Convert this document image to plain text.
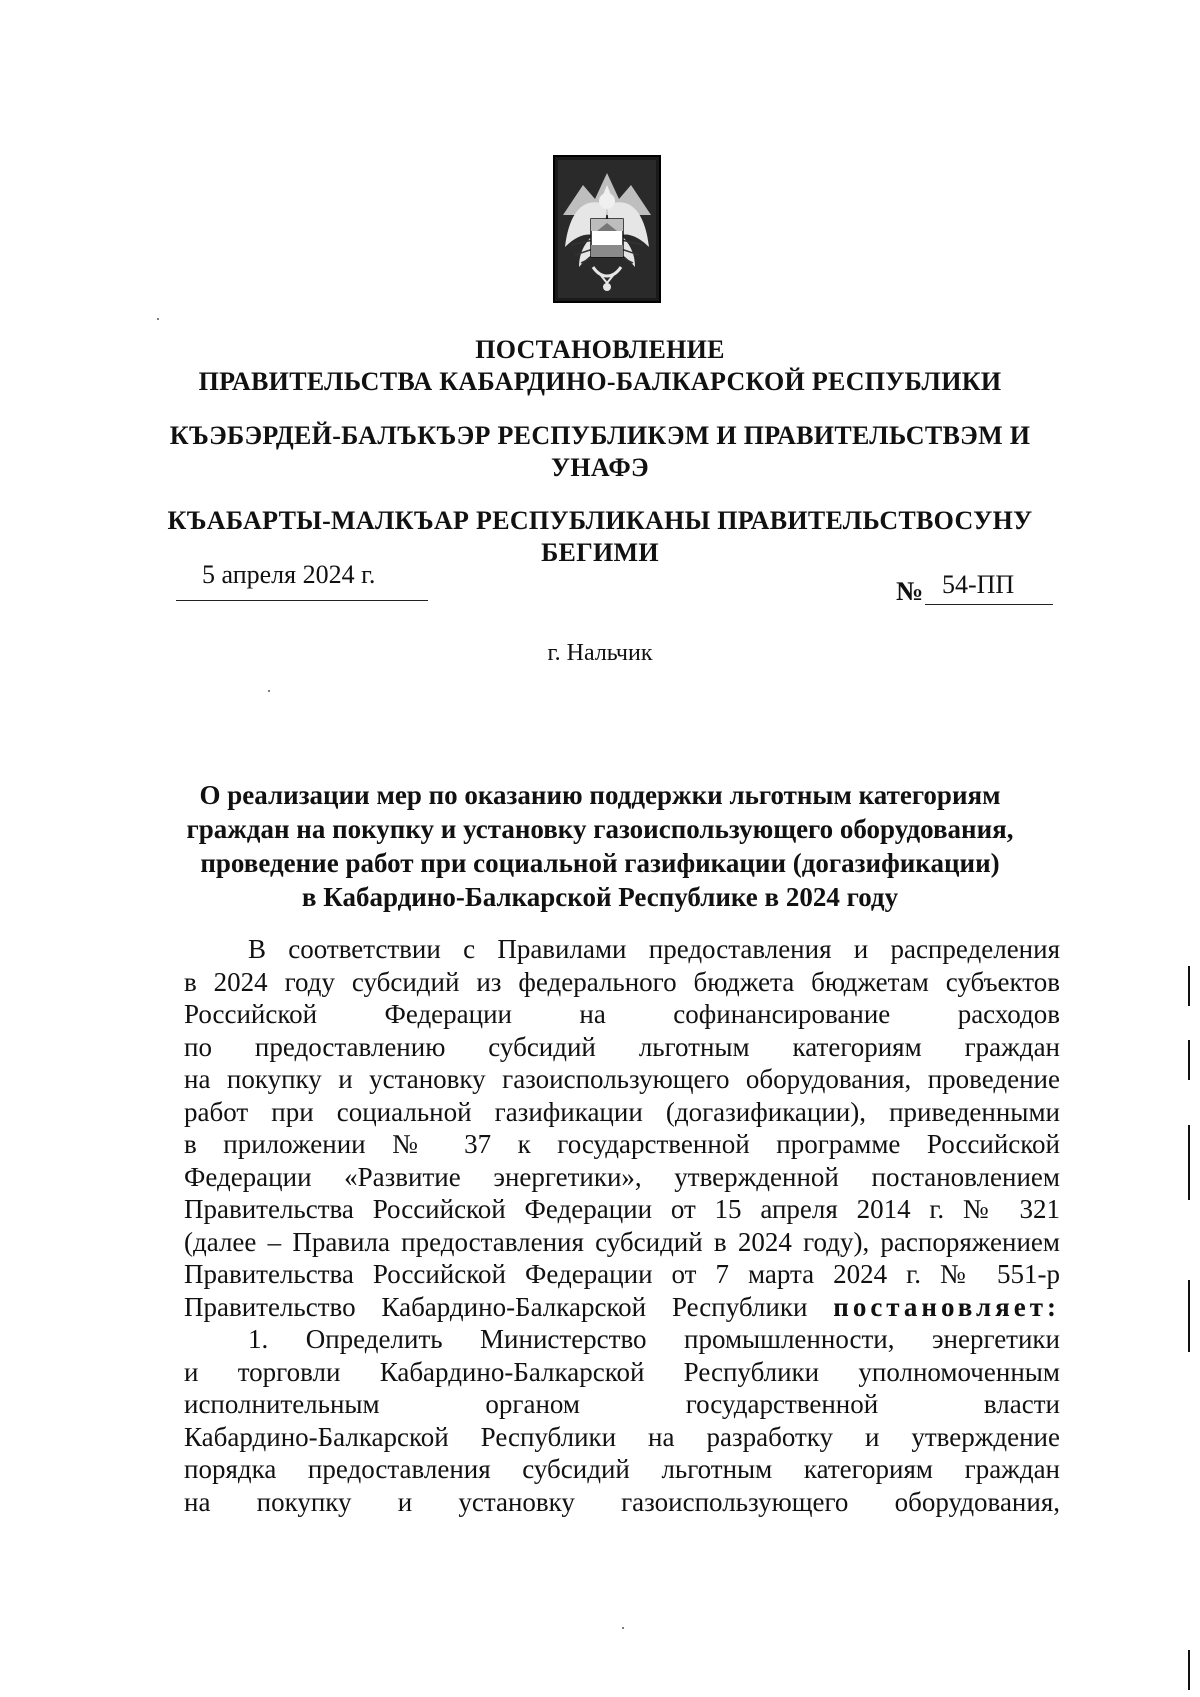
ПОСТАНОВЛЕНИЕ
ПРАВИТЕЛЬСТВА КАБАРДИНО-БАЛКАРСКОЙ РЕСПУБЛИКИ
КЪЭБЭРДЕЙ-БАЛЪКЪЭР РЕСПУБЛИКЭМ И ПРАВИТЕЛЬСТВЭМ И
УНАФЭ
КЪАБАРТЫ-МАЛКЪАР РЕСПУБЛИКАНЫ ПРАВИТЕЛЬСТВОСУНУ
БЕГИМИ
5 апреля 2024 г.
№ 54-ПП
г. Нальчик
О реализации мер по оказанию поддержки льготным категориям
граждан на покупку и установку газоиспользующего оборудования,
проведение работ при социальной газификации (догазификации)
в Кабардино-Балкарской Республике в 2024 году
В соответствии с Правилами предоставления и распределения
в 2024 году субсидий из федерального бюджета бюджетам субъектов
Российской Федерации на софинансирование расходов
по предоставлению субсидий льготным категориям граждан
на покупку и установку газоиспользующего оборудования, проведение
работ при социальной газификации (догазификации), приведенными
в приложении № 37 к государственной программе Российской
Федерации «Развитие энергетики», утвержденной постановлением
Правительства Российской Федерации от 15 апреля 2014 г. № 321
(далее – Правила предоставления субсидий в 2024 году), распоряжением
Правительства Российской Федерации от 7 марта 2024 г. № 551-р
Правительство Кабардино-Балкарской Республики постановляет:
1. Определить Министерство промышленности, энергетики
и торговли Кабардино-Балкарской Республики уполномоченным
исполнительным органом государственной власти
Кабардино-Балкарской Республики на разработку и утверждение
порядка предоставления субсидий льготным категориям граждан
на покупку и установку газоиспользующего оборудования,
